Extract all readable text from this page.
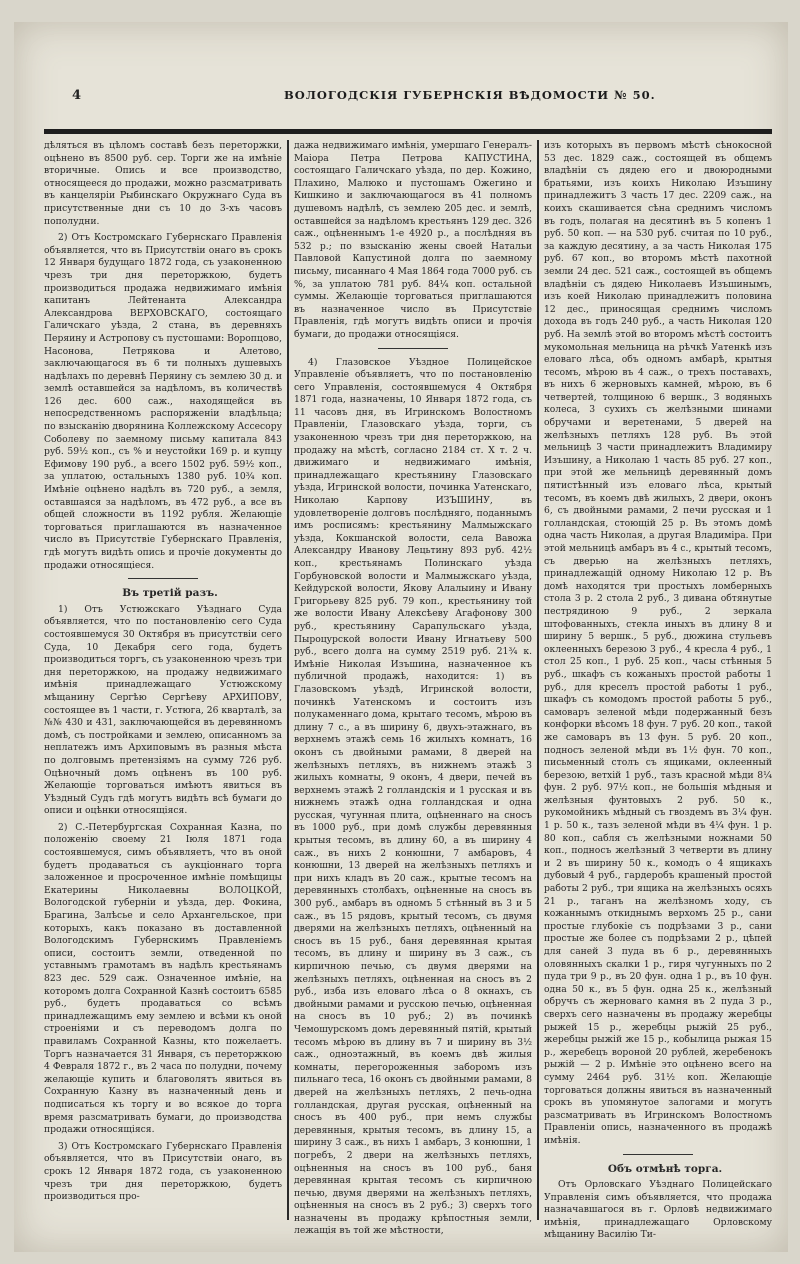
4	ВОЛОГОДСКІЯ ГУБЕРНСКІЯ ВѢДОМОСТИ № 50.

дѣляться въ цѣломъ составѣ безъ переторжки, оцѣнено въ 8500 руб. сер. Торги же на имѣніе вторичные. Опись и все производство, относящееся до продажи, можно разсматривать въ канцеляріи Рыбинскаго Окружнаго Суда въ присутственные дни съ 10 до 3-хъ часовъ пополудни.

2) Отъ Костромскаго Губернскаго Правленія объявляется, что въ Присутствіи онаго въ срокъ 12 Января будущаго 1872 года, съ узаконенною чрезъ три дня переторжкою, будетъ производиться продажа недвижимаго имѣнія капитанъ Лейтенанта Александра Александрова ВЕРХОВСКАГО, состоящаго Галичскаго уѣзда, 2 стана, въ деревняхъ Перяину и Астропову съ пустошами: Воропцово, Насонова, Петрякова и Алетово, заключающагося въ 6 ти полныхъ душевыхъ надѣлахъ по деревнѣ Перяину съ землею 30 д. и землѣ оставшейся за надѣломъ, въ количествѣ 126 дес. 600 саж., находящейся въ непосредственномъ распоряженіи владѣльца; по взысканію дворянина Коллежскому Ассесору Соболеву по заемному письму капитала 843 руб. 59½ коп., съ % и неустойки 169 р. и купцу Ефимову 190 руб., а всего 1502 руб. 59½ коп., за уплатою, остальныхъ 1380 руб. 10¾ коп. Имѣніе оцѣнено надѣлъ въ 720 руб., а земля, оставшаяся за надѣломъ, въ 472 руб., а все въ общей сложности въ 1192 рубля. Желающіе торговаться приглашаются въ назначенное число въ Присутствіе Губернскаго Правленія, гдѣ могутъ видѣть опись и прочіе документы до продажи относящіеся.

Въ третій разъ.

1) Отъ Устюжскаго Уѣзднаго Суда объявляется, что по постановленію сего Суда состоявшемуся 30 Октября въ присутствіи сего Суда, 10 Декабря сего года, будетъ производиться торгъ, съ узаконенною чрезъ три дня переторжкою, на продажу недвижимаго имѣнія принадлежащаго Устюжскому мѣщанину Сергѣю Сергѣеву АРХИПОВУ, состоящее въ 1 части, г. Устюга, 26 кварталѣ, за №№ 430 и 431, заключающейся въ деревянномъ домѣ, съ постройками и землею, описанномъ за неплатежъ имъ Архиповымъ въ разныя мѣста по долговымъ претензіямъ на сумму 726 руб. Оцѣночный домъ оцѣненъ въ 100 руб. Желающіе торговаться имѣютъ явиться въ Уѣздный Судъ гдѣ могутъ видѣть всѣ бумаги до описи и оцѣнки относящіяся.

2) С.-Петербургская Сохранная Казна, по положенію своему 21 Іюля 1871 года состоявшемуся, симъ объявляетъ, что въ оной будетъ продаваться съ аукціоннаго торга заложенное и просроченное имѣніе помѣщицы Екатерины Николаевны ВОЛОЦКОЙ, Вологодской губерніи и уѣзда, дер. Фокина, Брагина, Залѣсье и село Архангельское, при которыхъ, какъ показано въ доставленной Вологодскимъ Губернскимъ Правленіемъ описи, состоитъ земли, отведенной по уставнымъ грамотамъ въ надѣлъ крестьянамъ 823 дес. 529 саж. Означенное имѣніе, на которомъ долга Сохранной Казнѣ состоитъ 6585 руб., будетъ продаваться со всѣмъ принадлежащимъ ему землею и всѣми къ оной строеніями и съ переводомъ долга по правиламъ Сохранной Казны, кто пожелаетъ. Торгъ назначается 31 Января, съ переторжкою 4 Февраля 1872 г., въ 2 часа по полудни, почему желающіе купить и благоволятъ явиться въ Сохранную Казну въ назначенный день и подписаться къ торгу и во всякое до торга время разсматривать бумаги, до производства продажи относящіяся.

3) Отъ Костромскаго Губернскаго Правленія объявляется, что въ Присутствіи онаго, въ срокъ 12 Января 1872 года, съ узаконенною чрезъ три дня переторжкою, будетъ производиться про-

дажа недвижимаго имѣнія, умершаго Генералъ-Маіора Петра Петрова КАПУСТИНА, состоящаго Галичскаго уѣзда, по дер. Кожино, Плахино, Малюко и пустошамъ Ожегино и Кишкино и заключающагося въ 41 полномъ душевомъ надѣлѣ, съ землею 205 дес. и землѣ, оставшейся за надѣломъ крестьянъ 129 дес. 326 саж., оцѣненнымъ 1-е 4920 р., а послѣдняя въ 532 р.; по взысканію жены своей Натальи Павловой Капустиной долга по заемному письму, писаннаго 4 Мая 1864 года 7000 руб. съ %, за уплатою 781 руб. 84¼ коп. остальной суммы. Желающіе торговаться приглашаются въ назначенное число въ Присутствіе Правленія, гдѣ могутъ видѣть описи и прочія бумаги, до продажи относящіяся.

4) Глазовское Уѣздное Полицейское Управленіе объявляетъ, что по постановленію сего Управленія, состоявшемуся 4 Октября 1871 года, назначены, 10 Января 1872 года, съ 11 часовъ дня, въ Игринскомъ Волостномъ Правленіи, Глазовскаго уѣзда, торги, съ узаконенною чрезъ три дня переторжкою, на продажу на мѣстѣ, согласно 2184 ст. X т. 2 ч. движимаго и недвижимаго имѣнія, принадлежащаго крестьянину Глазовскаго уѣзда, Игринской волости, починка Уатенскаго, Николаю Карпову ИЗЪШИНУ, въ удовлетвореніе долговъ послѣдняго, поданнымъ имъ росписямъ: крестьянину Малмыжскаго уѣзда, Кокшанской волости, села Вавожа Александру Иванову Лецьтину 893 руб. 42½ коп., крестьянамъ Полинскаго уѣзда Горбуновской волости и Малмыжскаго уѣзда, Кейдурской волости, Якову Алалыину и Ивану Григорьеву 825 руб. 79 коп., крестьянину той же волости Ивану Алексѣеву Агафонову 300 руб., крестьянину Сарапульскаго уѣзда, Пыроцурской волости Ивану Игнатьеву 500 руб., всего долга на сумму 2519 руб. 21¾ к. Имѣніе Николая Изъшина, назначенное къ публичной продажѣ, находится: 1) въ Глазовскомъ уѣздѣ, Игринской волости, починкѣ Уатенскомъ и состоитъ изъ полукаменнаго дома, крытаго тесомъ, мѣрою въ длину 7 с., а въ ширину 6, двухъ-этажнаго, въ верхнемъ этажѣ семь 16 жилыхъ комнатъ, 16 оконъ съ двойными рамами, 8 дверей на желѣзныхъ петляхъ, въ нижнемъ этажѣ 3 жилыхъ комнаты, 9 оконъ, 4 двери, печей въ верхнемъ этажѣ 2 голландскія и 1 русская и въ нижнемъ этажѣ одна голландская и одна русская, чугунная плита, оцѣненнаго на сносъ въ 1000 руб., при домѣ службы деревянныя крытыя тесомъ, въ длину 60, а въ ширину 4 саж., въ нихъ 2 конюшни, 7 амбаровъ, 4 конюшни, 13 дверей на желѣзныхъ петляхъ и при нихъ кладъ въ 20 саж., крытые тесомъ на деревянныхъ столбахъ, оцѣненные на сносъ въ 300 руб., амбаръ въ одномъ 5 стѣнный въ 3 и 5 саж., въ 15 рядовъ, крытый тесомъ, съ двумя дверями на желѣзныхъ петляхъ, оцѣненный на сносъ въ 15 руб., баня деревянная крытая тесомъ, въ длину и ширину въ 3 саж., съ кирпичною печью, съ двумя дверями на желѣзныхъ петляхъ, оцѣненная на сносъ въ 2 руб., изба изъ еловаго лѣса о 8 окнахъ, съ двойными рамами и русскою печью, оцѣненная на сносъ въ 10 руб.; 2) въ починкѣ Чемошурскомъ домъ деревянный пятій, крытый тесомъ мѣрою въ длину въ 7 и ширину въ 3½ саж., одноэтажный, въ коемъ двѣ жилыя комнаты, перегороженныя заборомъ изъ пильнаго теса, 16 оконъ съ двойными рамами, 8 дверей на желѣзныхъ петляхъ, 2 печь-одна голландская, другая русская, оцѣненный на сносъ въ 400 руб., при немъ службы деревянныя, крытыя тесомъ, въ длину 15, а ширину 3 саж., въ нихъ 1 амбаръ, 3 конюшни, 1 погребъ, 2 двери на желѣзныхъ петляхъ, оцѣненныя на сносъ въ 100 руб., баня деревянная крытая тесомъ съ кирпичною печью, двумя дверями на желѣзныхъ петляхъ, оцѣненныя на сносъ въ 2 руб.; 3) сверхъ того назначены въ продажу крѣпостныя земли, лежащія въ той же мѣстности,

изъ которыхъ въ первомъ мѣстѣ сѣнокосной 53 дес. 1829 саж., состоящей въ общемъ владѣніи съ дядею его и двоюродными братьями, изъ коихъ Николаю Изъшину принадлежитъ 3 часть 17 дес. 2209 саж., на коихъ скашивается сѣна среднимъ числомъ въ годъ, полагая на десятинѣ въ 5 копенъ 1 руб. 50 коп. — на 530 руб. считая по 10 руб., за каждую десятину, а за часть Николая 175 руб. 67 коп., во второмъ мѣстѣ пахотной земли 24 дес. 521 саж., состоящей въ общемъ владѣніи съ дядею Николаевъ Изъшинымъ, изъ коей Николаю принадлежитъ половина 12 дес., приносящая среднимъ числомъ дохода въ годъ 240 руб., а часть Николая 120 руб. На землѣ этой во второмъ мѣстѣ состоитъ мукомольная мельница на рѣчкѣ Уатенкѣ изъ еловаго лѣса, объ одномъ амбарѣ, крытыя тесомъ, мѣрою въ 4 саж., о трехъ поставахъ, въ нихъ 6 жерновыхъ камней, мѣрою, въ 6 четвертей, толщиною 6 вершк., 3 водяныхъ колеса, 3 сухихъ съ желѣзными шинами обручами и веретенами, 5 дверей на желѣзныхъ петляхъ 128 руб. Въ этой мельницѣ 3 части принадлежитъ Владимиру Изъшину, а Николаю 1 часть 85 руб. 27 коп., при этой же мельницѣ деревянный домъ пятистѣнный изъ еловаго лѣса, крытый тесомъ, въ коемъ двѣ жилыхъ, 2 двери, оконъ 6, съ двойными рамами, 2 печи русская и 1 голландская, стоющій 25 р. Въ этомъ домѣ одна часть Николая, а другая Владиміра. При этой мельницѣ амбаръ въ 4 с., крытый тесомъ, съ дверью на желѣзныхъ петляхъ, принадлежащій одному Николаю 12 р. Въ домѣ находятся три простыхъ ломберныхъ стола 3 р. 2 стола 2 руб., 3 дивана обтянутые пестрядиною 9 руб., 2 зеркала штофованныхъ, стекла иныхъ въ длину 8 и ширину 5 вершк., 5 руб., дюжина стульевъ оклеенныхъ березою 3 руб., 4 кресла 4 руб., 1 стол 25 коп., 1 руб. 25 коп., часы стѣнныя 5 руб., шкафъ съ кожаныхъ простой работы 1 руб., для креселъ простой работы 1 руб., шкафъ съ комодомъ простой работы 5 руб., самоваръ зеленой мѣди подержанный безъ конфорки вѣсомъ 18 фун. 7 руб. 20 коп., такой же самоваръ въ 13 фун. 5 руб. 20 коп., подносъ зеленой мѣди въ 1½ фун. 70 коп., письменный столъ съ ящиками, оклеенный березою, ветхій 1 руб., тазъ красной мѣди 8¼ фун. 2 руб. 97½ коп., не большія мѣдныя и желѣзныя фунтовыхъ 2 руб. 50 к., рукомойникъ мѣдный съ гвоздемъ въ 3¼ фун. 1 р. 50 к., тазъ зеленой мѣди въ 4¼ фун. 1 р. 80 коп., сабля съ желѣзными ножнами 50 коп., подносъ желѣзный 3 четверти въ длину и 2 въ ширину 50 к., комодъ о 4 ящикахъ дубовый 4 руб., гардеробъ крашеный простой работы 2 руб., три ящика на желѣзныхъ осяхъ 21 р., таганъ на желѣзномъ ходу, съ кожаннымъ откиднымъ верхомъ 25 р., сани простые глубокіе съ подрѣзами 3 р., сани простые же более съ подрѣзами 2 р., цѣпей для саней 3 пуда въ 6 р., деревянныхъ оловянныхъ скалки 1 р., гиря чугунныхъ по 2 пуда три 9 р., въ 20 фун. одна 1 р., въ 10 фун. одна 50 к., въ 5 фун. одна 25 к., желѣзный обручъ съ жерноваго камня въ 2 пуда 3 р., сверхъ сего назначены въ продажу жеребцы рыжей 15 р., жеребцы рыжій 25 руб., жеребцы рыжій же 15 р., кобылица рыжая 15 р., жеребецъ вороной 20 рублей, жеребенокъ рыжій — 2 р. Имѣніе это оцѣнено всего на сумму 2464 руб. 31½ коп. Желающіе торговаться должны явиться въ назначенный срокъ въ упомянутое залогами и могутъ разсматривать въ Игринскомъ Волостномъ Правленіи опись, назначенного въ продажѣ имѣнія.

Объ отмѣнѣ торга.

Отъ Орловскаго Уѣзднаго Полицейскаго Управленія симъ объявляется, что продажа назначавшагося въ г. Орловѣ недвижимаго имѣнія, принадлежащаго Орловскому мѣщанину Василію Ти-
